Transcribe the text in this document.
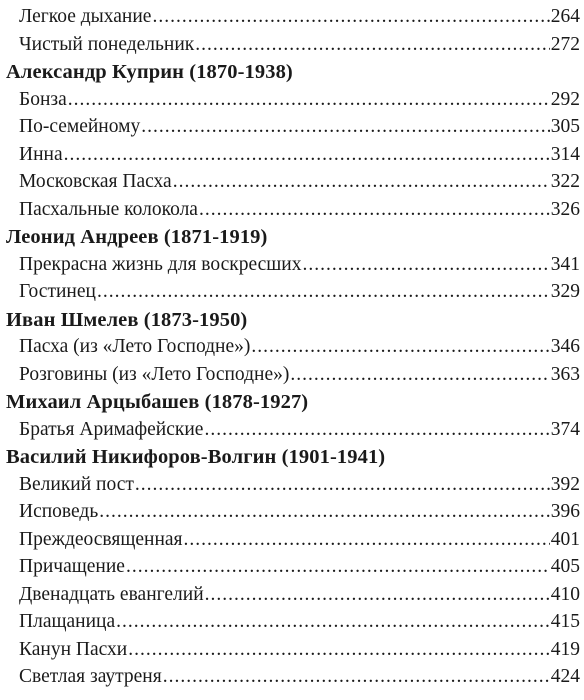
Легкое дыхание .....	264
Чистый понедельник .....	272
Александр Куприн (1870-1938)
Бонза .....	292
По-семейному .....	305
Инна .....	314
Московская Пасха .....	322
Пасхальные колокола .....	326
Леонид Андреев (1871-1919)
Прекрасна жизнь для воскресших .....	341
Гостинец .....	329
Иван Шмелев (1873-1950)
Пасха (из «Лето Господне») .....	346
Розговины (из «Лето Господне») .....	363
Михаил Арцыбашев (1878-1927)
Братья Аримафейские .....	374
Василий Никифоров-Волгин (1901-1941)
Великий пост .....	392
Исповедь .....	396
Преждеосвященная .....	401
Причащение .....	405
Двенадцать евангелий .....	410
Плащаница .....	415
Канун Пасхи .....	419
Светлая заутреня .....	424
